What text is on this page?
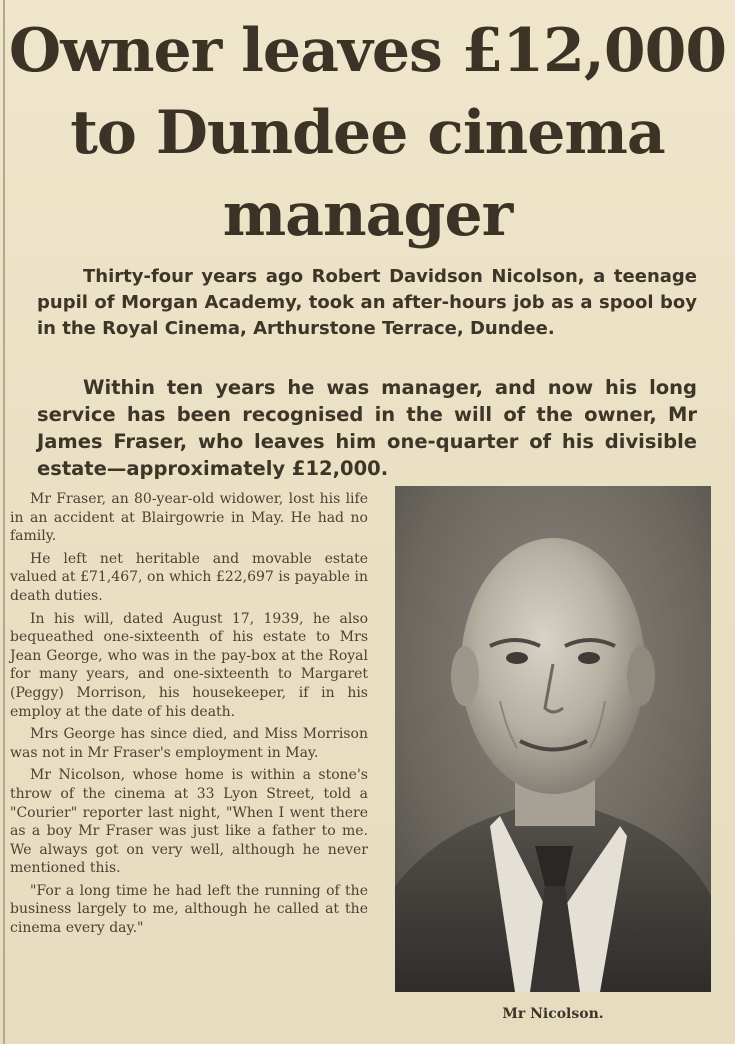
Owner leaves £12,000 to Dundee cinema manager

Thirty-four years ago Robert Davidson Nicolson, a teenage pupil of Morgan Academy, took an after-hours job as a spool boy in the Royal Cinema, Arthurstone Terrace, Dundee.

Within ten years he was manager, and now his long service has been recognised in the will of the owner, Mr James Fraser, who leaves him one-quarter of his divisible estate—approximately £12,000.

Mr Fraser, an 80-year-old widower, lost his life in an accident at Blairgowrie in May. He had no family.

He left net heritable and movable estate valued at £71,467, on which £22,697 is payable in death duties.

In his will, dated August 17, 1939, he also bequeathed one-sixteenth of his estate to Mrs Jean George, who was in the pay-box at the Royal for many years, and one-sixteenth to Margaret (Peggy) Morrison, his housekeeper, if in his employ at the date of his death.

Mrs George has since died, and Miss Morrison was not in Mr Fraser's employment in May.

Mr Nicolson, whose home is within a stone's throw of the cinema at 33 Lyon Street, told a "Courier" reporter last night, "When I went there as a boy Mr Fraser was just like a father to me. We always got on very well, although he never mentioned this.

"For a long time he had left the running of the business largely to me, although he called at the cinema every day."

Mr Nicolson.
